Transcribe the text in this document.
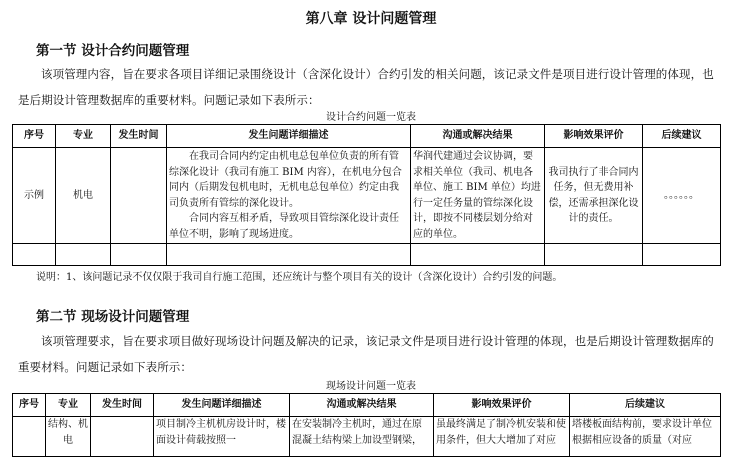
第八章 设计问题管理
第一节 设计合约问题管理

该项管理内容，旨在要求各项目详细记录围绕设计（含深化设计）合约引发的相关问题，该记录文件是项目进行设计管理的体现，也是后期设计管理数据库的重要材料。问题记录如下表所示：

设计合约问题一览表
序号	专业	发生时间	发生问题详细描述	沟通或解决结果	影响效果评价	后续建议
示例	机电		在我司合同内约定由机电总包单位负责的所有管综深化设计（我司有施工 BIM 内容），在机电分包合同内（后期发包机电时，无机电总包单位）约定由我司负责所有管综的深化设计。
合同内容互相矛盾，导致项目管综深化设计责任单位不明，影响了现场进度。	华润代建通过会议协调，要求相关单位（我司、机电各单位、施工 BIM 单位）均进行一定任务量的管综深化设计，即按不同楼层划分给对应的单位。	我司执行了非合同内任务，但无费用补偿，还需承担深化设计的责任。	。。。。。。

说明：1、该问题记录不仅仅限于我司自行施工范围，还应统计与整个项目有关的设计（含深化设计）合约引发的问题。
第二节 现场设计问题管理

该项管理要求，旨在要求项目做好现场设计问题及解决的记录，该记录文件是项目进行设计管理的体现，也是后期设计管理数据库的重要材料。问题记录如下表所示：

现场设计问题一览表
序号	专业	发生时间	发生问题详细描述	沟通或解决结果	影响效果评价	后续建议
	结构、机电		项目制冷主机机房设计时，楼面设计荷载按照一	在安装制冷主机时，通过在原混凝土结构梁上加设型钢梁，	虽最终满足了制冷机安装和使用条件，但大大增加了对应	塔楼板面结构前，要求设计单位根据相应设备的质量（对应
